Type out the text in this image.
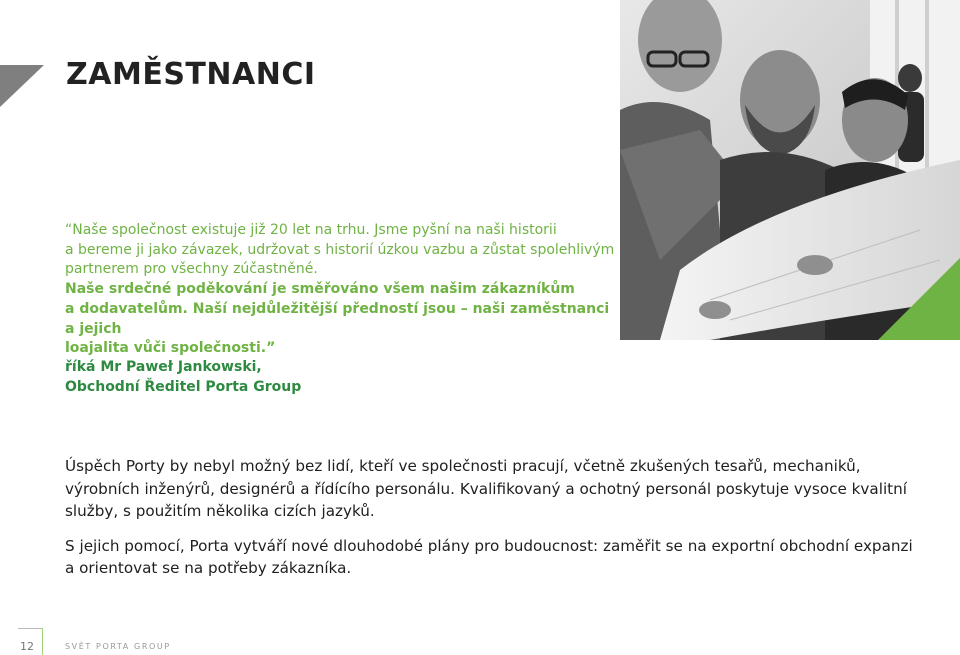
ZAMĚSTNANCI
“Naše společnost existuje již 20 let na trhu. Jsme pyšní na naši historii
a bereme ji jako závazek, udržovat s historií úzkou vazbu a zůstat spolehlivým
partnerem pro všechny zúčastněné.
Naše srdečné poděkování je směřováno všem našim zákazníkům
a dodavatelům. Naší nejdůležitější předností jsou – naši zaměstnanci a jejich
loajalita vůči společnosti.”
říká Mr Paweł Jankowski,
Obchodní Ředitel Porta Group

Úspěch Porty by nebyl možný bez lidí, kteří ve společnosti pracují, včetně zkušených tesařů, mechaniků, výrobních inženýrů, designérů a řídícího personálu. Kvalifikovaný a ochotný personál poskytuje vysoce kvalitní služby, s použitím několika cizích jazyků.

S jejich pomocí, Porta vytváří nové dlouhodobé plány pro budoucnost: zaměřit se na exportní obchodní expanzi a orientovat se na potřeby zákazníka.

12	SVĚT PORTA GROUP
